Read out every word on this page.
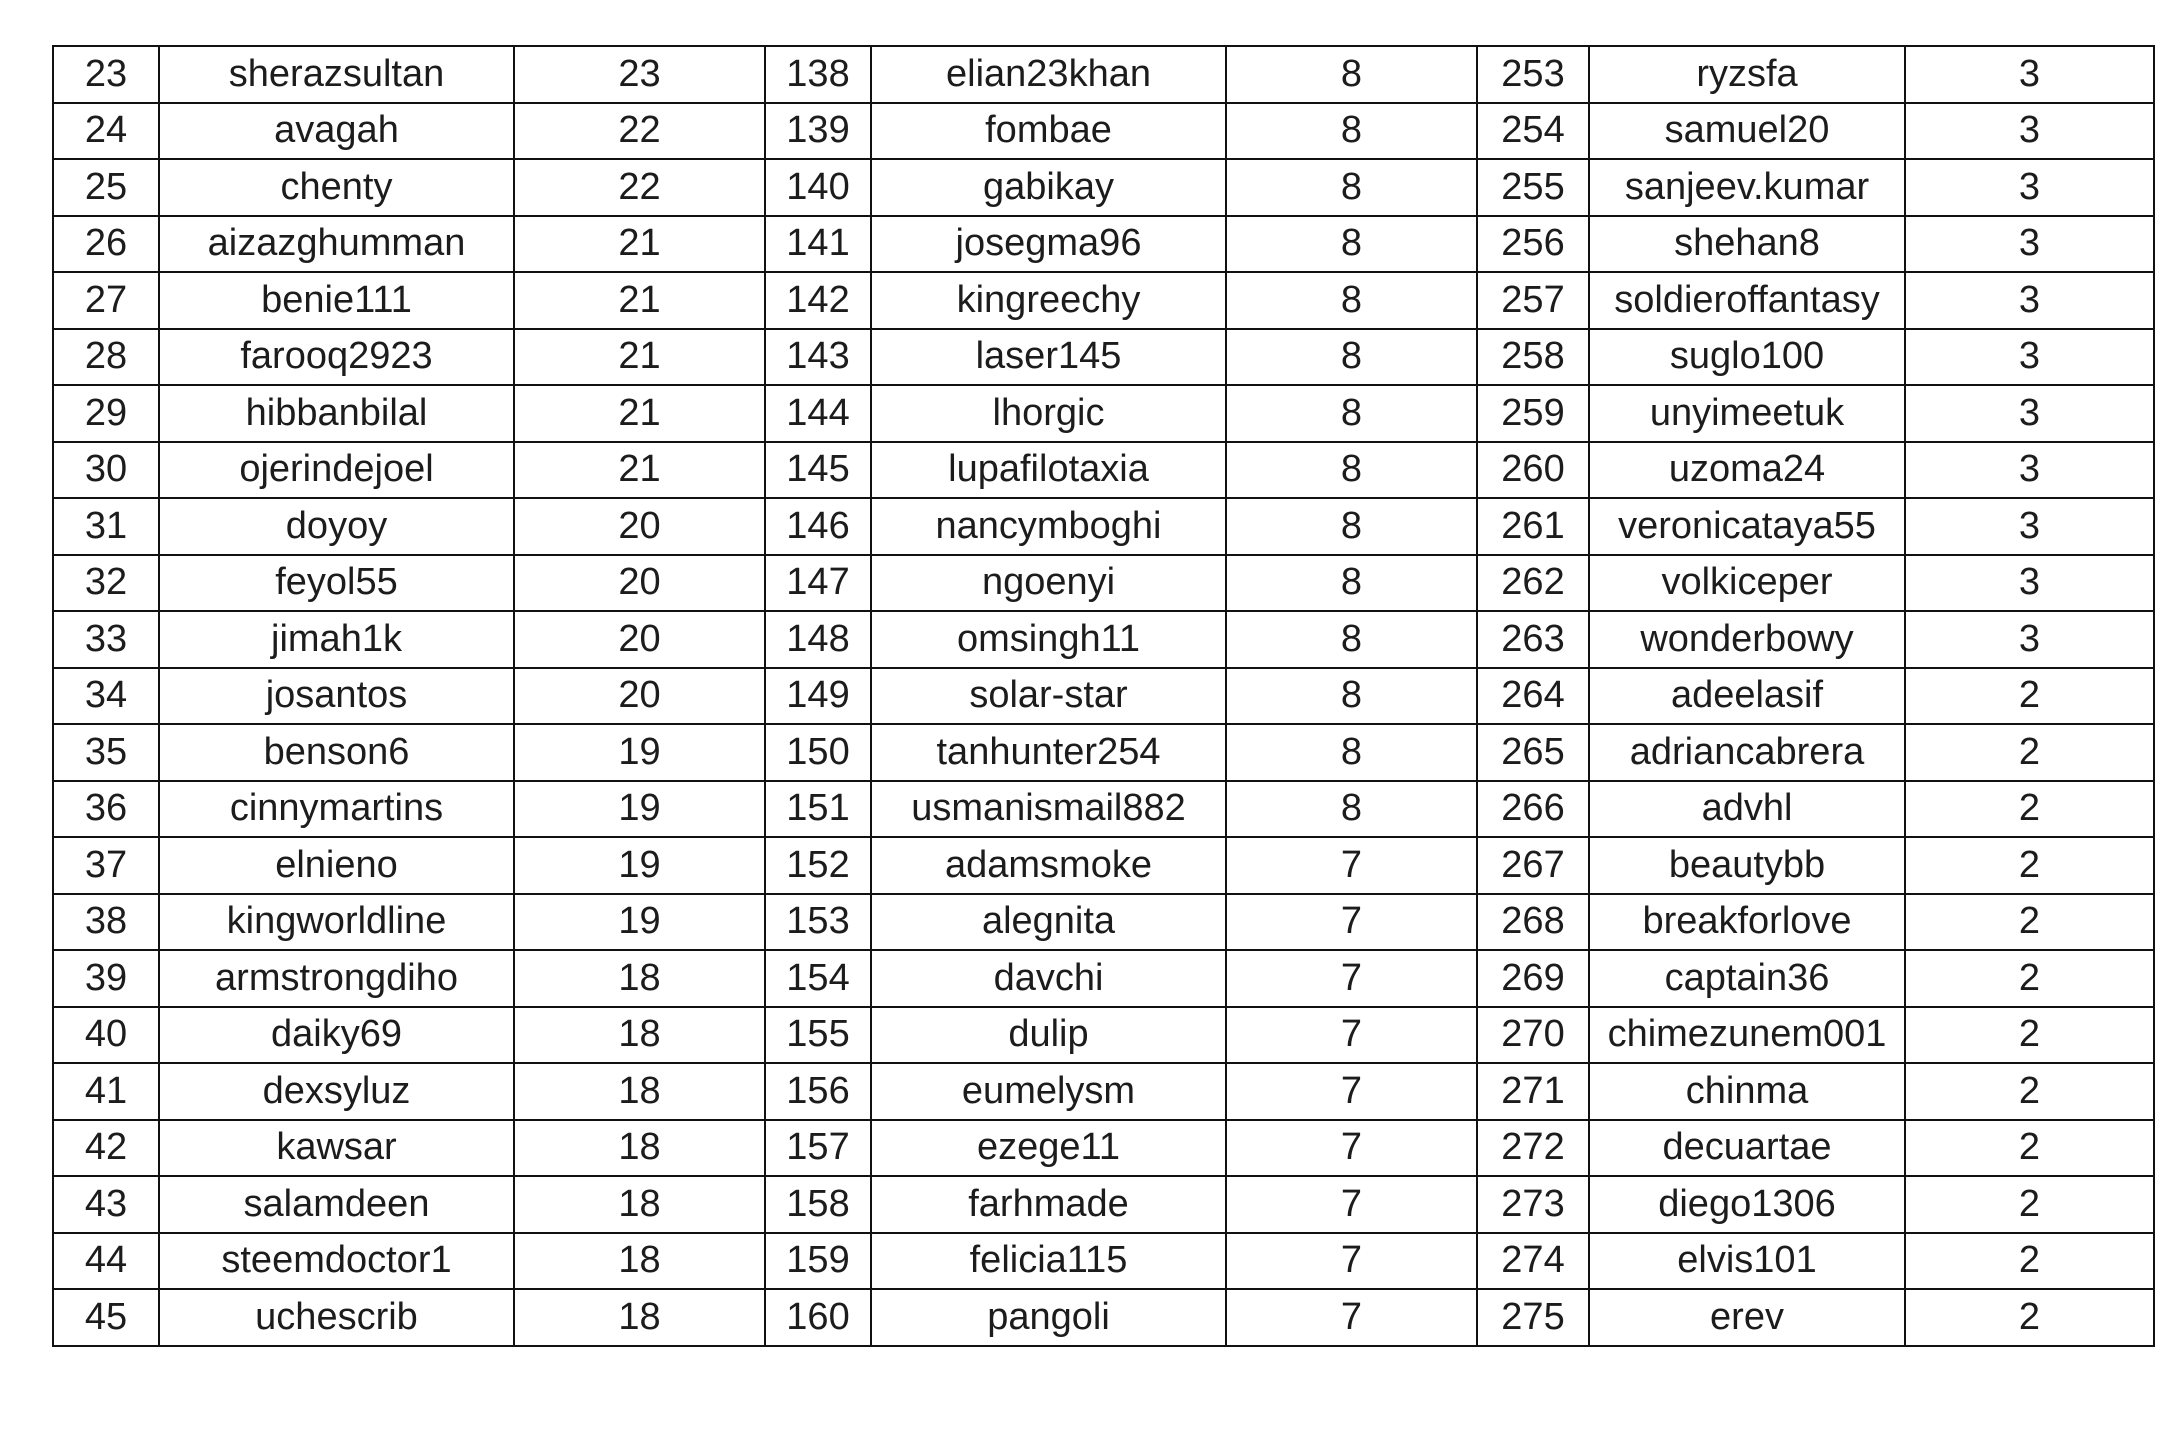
23	sherazsultan	23	138	elian23khan	8	253	ryzsfa	3
24	avagah	22	139	fombae	8	254	samuel20	3
25	chenty	22	140	gabikay	8	255	sanjeev.kumar	3
26	aizazghumman	21	141	josegma96	8	256	shehan8	3
27	benie111	21	142	kingreechy	8	257	soldieroffantasy	3
28	farooq2923	21	143	laser145	8	258	suglo100	3
29	hibbanbilal	21	144	lhorgic	8	259	unyimeetuk	3
30	ojerindejoel	21	145	lupafilotaxia	8	260	uzoma24	3
31	doyoy	20	146	nancymboghi	8	261	veronicataya55	3
32	feyol55	20	147	ngoenyi	8	262	volkiceper	3
33	jimah1k	20	148	omsingh11	8	263	wonderbowy	3
34	josantos	20	149	solar-star	8	264	adeelasif	2
35	benson6	19	150	tanhunter254	8	265	adriancabrera	2
36	cinnymartins	19	151	usmanismail882	8	266	advhl	2
37	elnieno	19	152	adamsmoke	7	267	beautybb	2
38	kingworldline	19	153	alegnita	7	268	breakforlove	2
39	armstrongdiho	18	154	davchi	7	269	captain36	2
40	daiky69	18	155	dulip	7	270	chimezunem001	2
41	dexsyluz	18	156	eumelysm	7	271	chinma	2
42	kawsar	18	157	ezege11	7	272	decuartae	2
43	salamdeen	18	158	farhmade	7	273	diego1306	2
44	steemdoctor1	18	159	felicia115	7	274	elvis101	2
45	uchescrib	18	160	pangoli	7	275	erev	2
